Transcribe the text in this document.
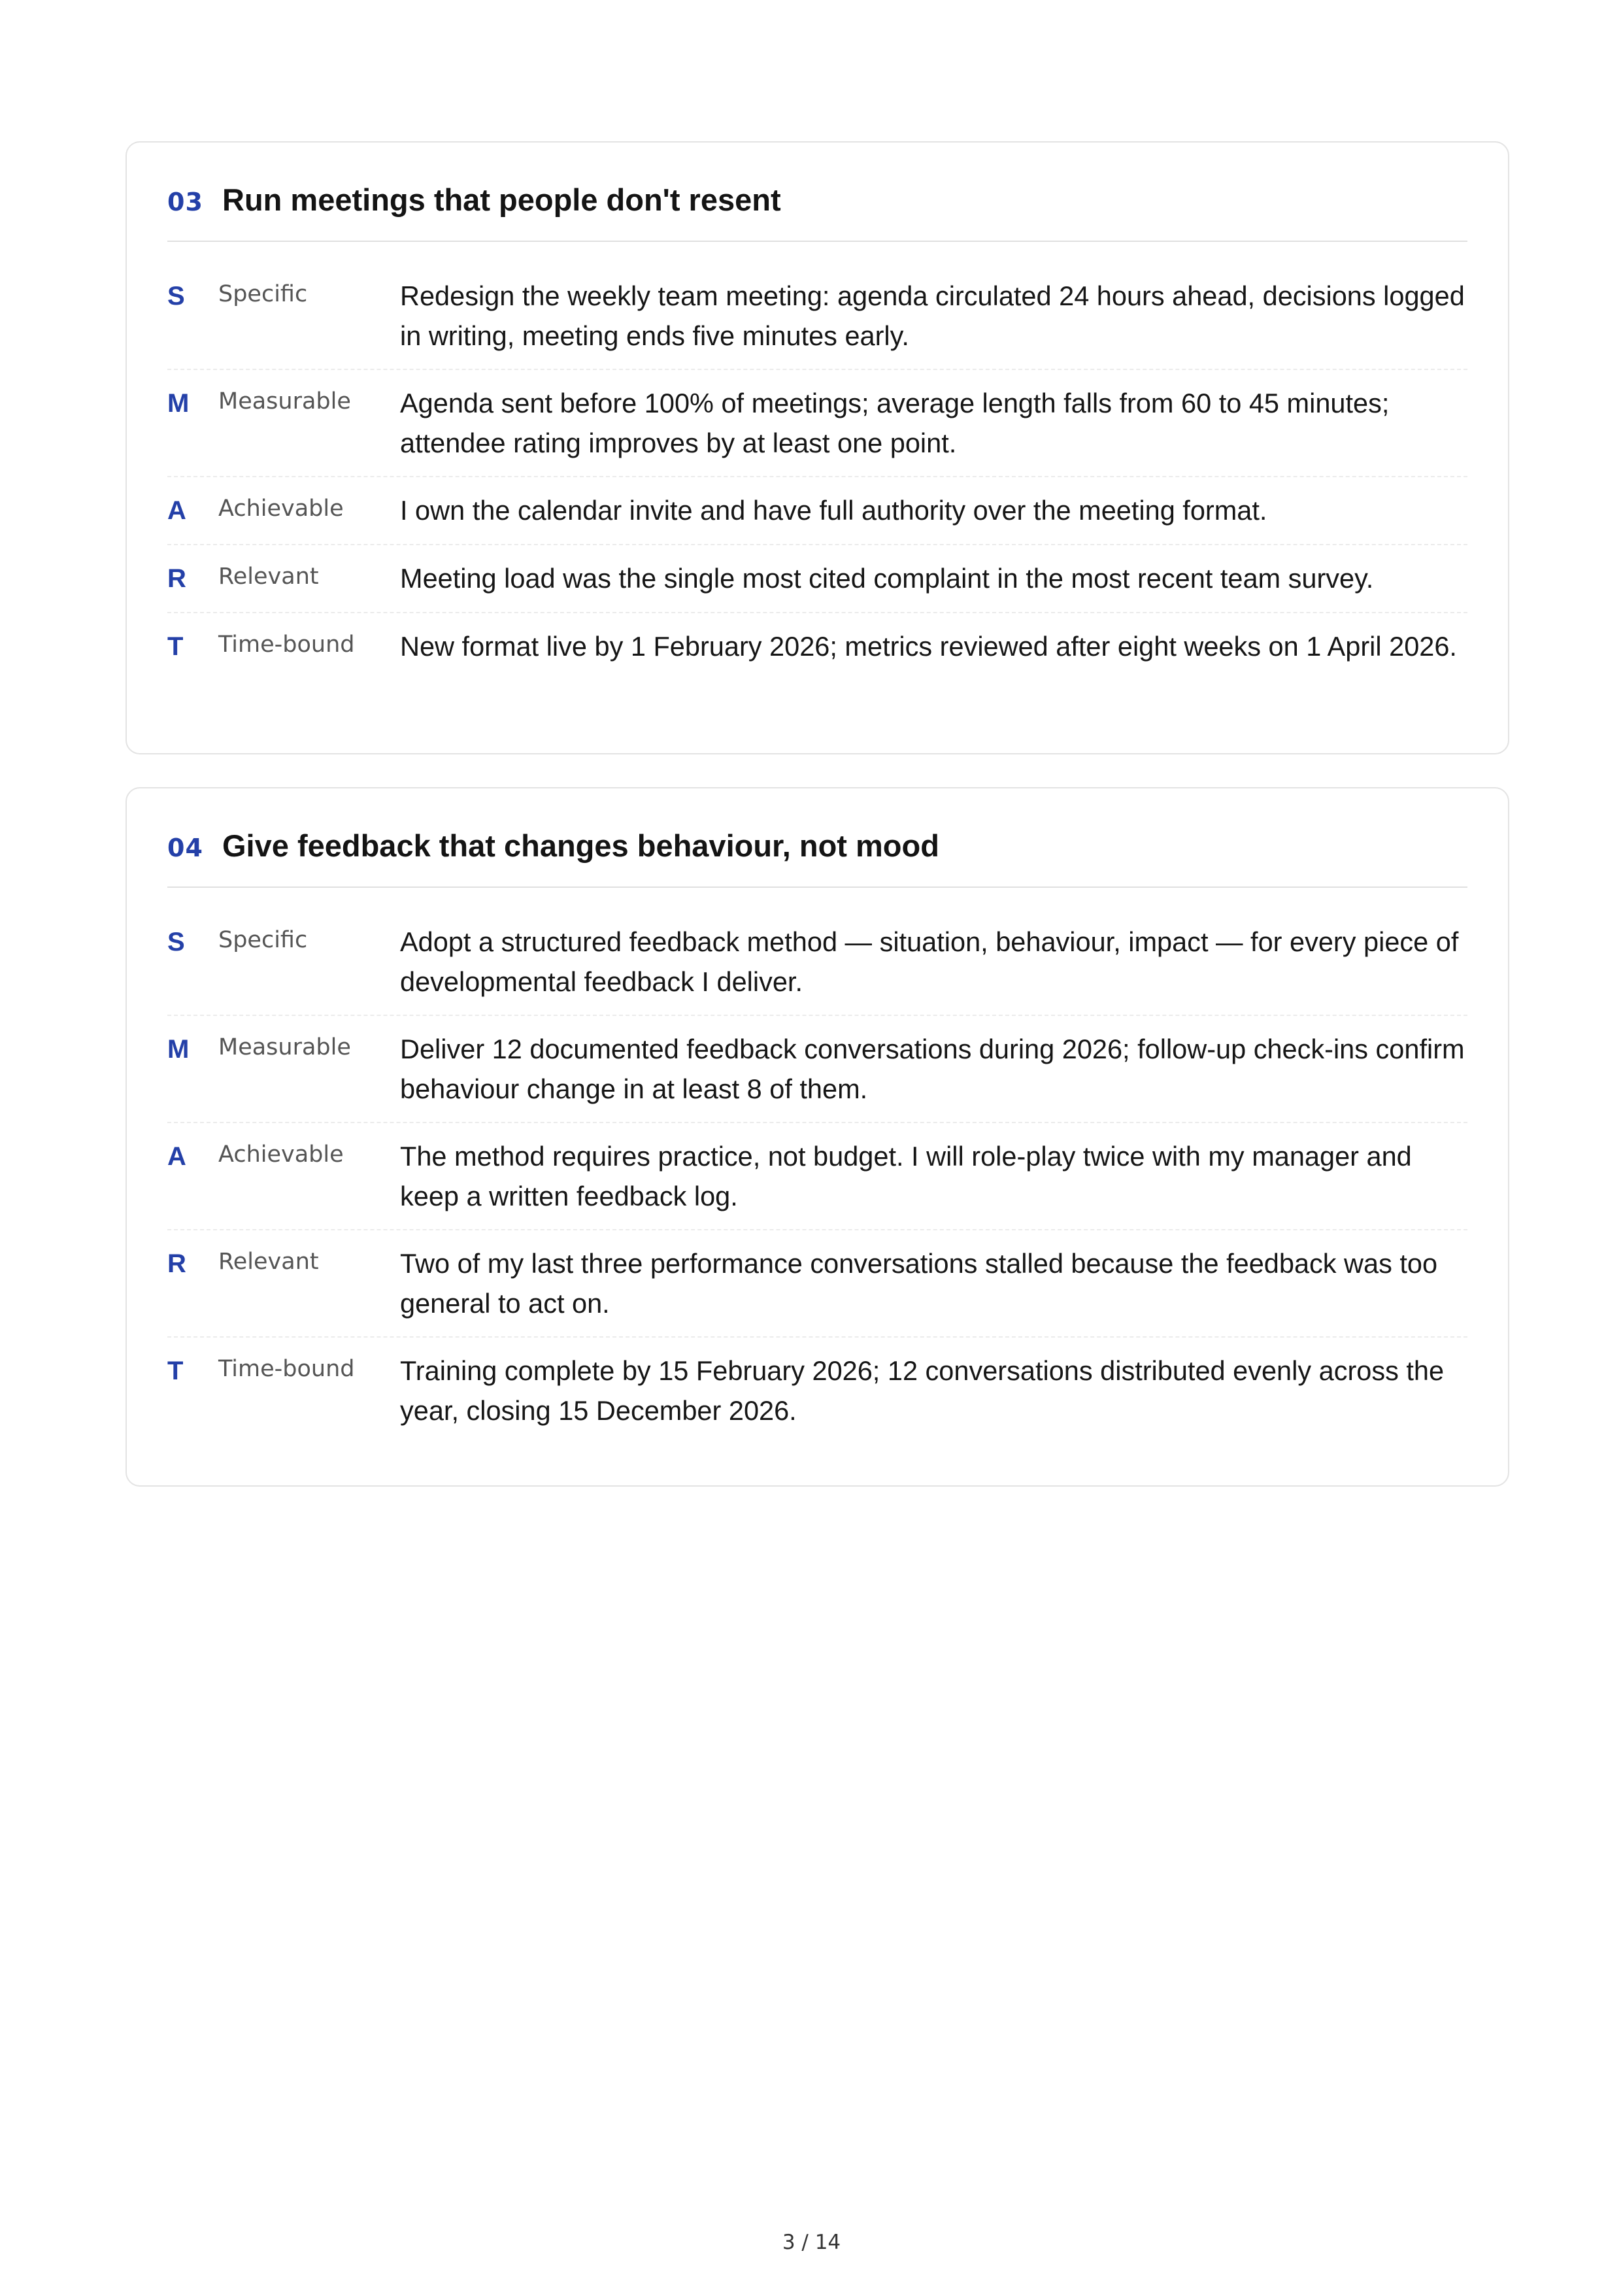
03 Run meetings that people don't resent
S	Specific	Redesign the weekly team meeting: agenda circulated 24 hours ahead, decisions logged in writing, meeting ends five minutes early.
M	Measurable	Agenda sent before 100% of meetings; average length falls from 60 to 45 minutes; attendee rating improves by at least one point.
A	Achievable	I own the calendar invite and have full authority over the meeting format.
R	Relevant	Meeting load was the single most cited complaint in the most recent team survey.
T	Time-bound	New format live by 1 February 2026; metrics reviewed after eight weeks on 1 April 2026.
04 Give feedback that changes behaviour, not mood
S	Specific	Adopt a structured feedback method — situation, behaviour, impact — for every piece of developmental feedback I deliver.
M	Measurable	Deliver 12 documented feedback conversations during 2026; follow-up check-ins confirm behaviour change in at least 8 of them.
A	Achievable	The method requires practice, not budget. I will role-play twice with my manager and keep a written feedback log.
R	Relevant	Two of my last three performance conversations stalled because the feedback was too general to act on.
T	Time-bound	Training complete by 15 February 2026; 12 conversations distributed evenly across the year, closing 15 December 2026.
3 / 14
